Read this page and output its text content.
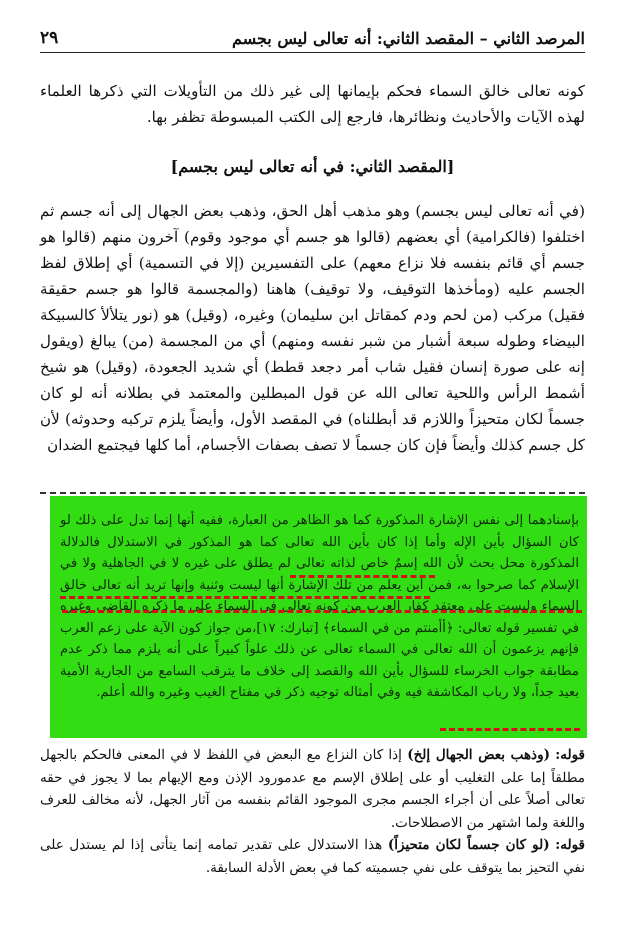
المرصد الثاني – المقصد الثاني: أنه تعالى ليس بجسم
٢٩

كونه تعالى خالق السماء فحكم بإيمانها إلى غير ذلك من التأويلات التي ذكرها العلماء لهذه الآيات والأحاديث ونظائرها، فارجع إلى الكتب المبسوطة تظفر بها.

[المقصد الثاني: في أنه تعالى ليس بجسم]

(في أنه تعالى ليس بجسم) وهو مذهب أهل الحق، وذهب بعض الجهال إلى أنه جسم ثم اختلفوا (فالكرامية) أي بعضهم (قالوا هو جسم أي موجود وقوم) آخرون منهم (قالوا هو جسم أي قائم بنفسه فلا نزاع معهم) على التفسيرين (إلا في التسمية) أي إطلاق لفظ الجسم عليه (ومأخذها التوقيف، ولا توقيف) هاهنا (والمجسمة قالوا هو جسم حقيقة فقيل) مركب (من لحم ودم كمقاتل ابن سليمان) وغيره، (وقيل) هو (نور يتلألأ كالسبيكة البيضاء وطوله سبعة أشبار من شبر نفسه ومنهم) أي من المجسمة (من) يبالغ (ويقول إنه على صورة إنسان فقيل شاب أمر دجعد قطط) أي شديد الجعودة، (وقيل) هو شيخ أشمط الرأس واللحية تعالى الله عن قول المبطلين والمعتمد في بطلانه أنه لو كان جسماً لكان متحيزاً واللازم قد أبطلناه) في المقصد الأول، وأيضاً يلزم تركبه وحدوثه) لأن كل جسم كذلك وأيضاً فإن كان جسماً لا تصف بصفات الأجسام، أما كلها فيجتمع الضدان

بإسنادهما إلى نفس الإشارة المذكورة كما هو الظاهر من العبارة، ففيه أنها إنما تدل على ذلك لو كان السؤال بأين الإله وأما إذا كان بأين الله تعالى كما هو المذكور في الاستدلال فالدلالة المذكورة محل بحث لأن الله إسمٌ خاص لذاته تعالى لم يطلق على غيره لا في الجاهلية ولا في الإسلام كما صرحوا به، فمن أين يعلم من تلك الإشارة أنها ليست وثنية وإنها تريد أنه تعالى خالق السماء وليست على معتقد كفار العرب من كونه تعالى في السماء على ما ذكره القاضي وغيره في تفسير قوله تعالى: ﴿أأمنتم من في السماء﴾ [تبارك: ١٧]،من جواز كون الآية على زعم العرب فإنهم يزعمون أن الله تعالى في السماء تعالى عن ذلك علواً كبيراً على أنه يلزم مما ذكر عدم مطابقة جواب الخرساء للسؤال بأين الله والقصد إلى خلاف ما يترقب السامع من الجارية الأمية بعيد جداً، ولا رباب المكاشفة فيه وفي أمثاله توجيه ذكر في مفتاح الغيب وغيره والله أعلم.

قوله: (وذهب بعض الجهال إلخ) إذا كان النزاع مع البعض في اللفظ لا في المعنى فالحكم بالجهل مطلقاً إما على التغليب أو على إطلاق الإسم مع عدمورود الإذن ومع الإيهام بما لا يجوز في حقه تعالى أصلاً على أن أجراء الجسم مجرى الموجود القائم بنفسه من آثار الجهل، لأنه مخالف للعرف واللغة ولما اشتهر من الاصطلاحات.

قوله: (لو كان جسماً لكان متحيزاً) هذا الاستدلال على تقدير تمامه إنما يتأتى إذا لم يستدل على نفي التحيز بما يتوقف على نفي جسميته كما في بعض الأدلة السابقة.
